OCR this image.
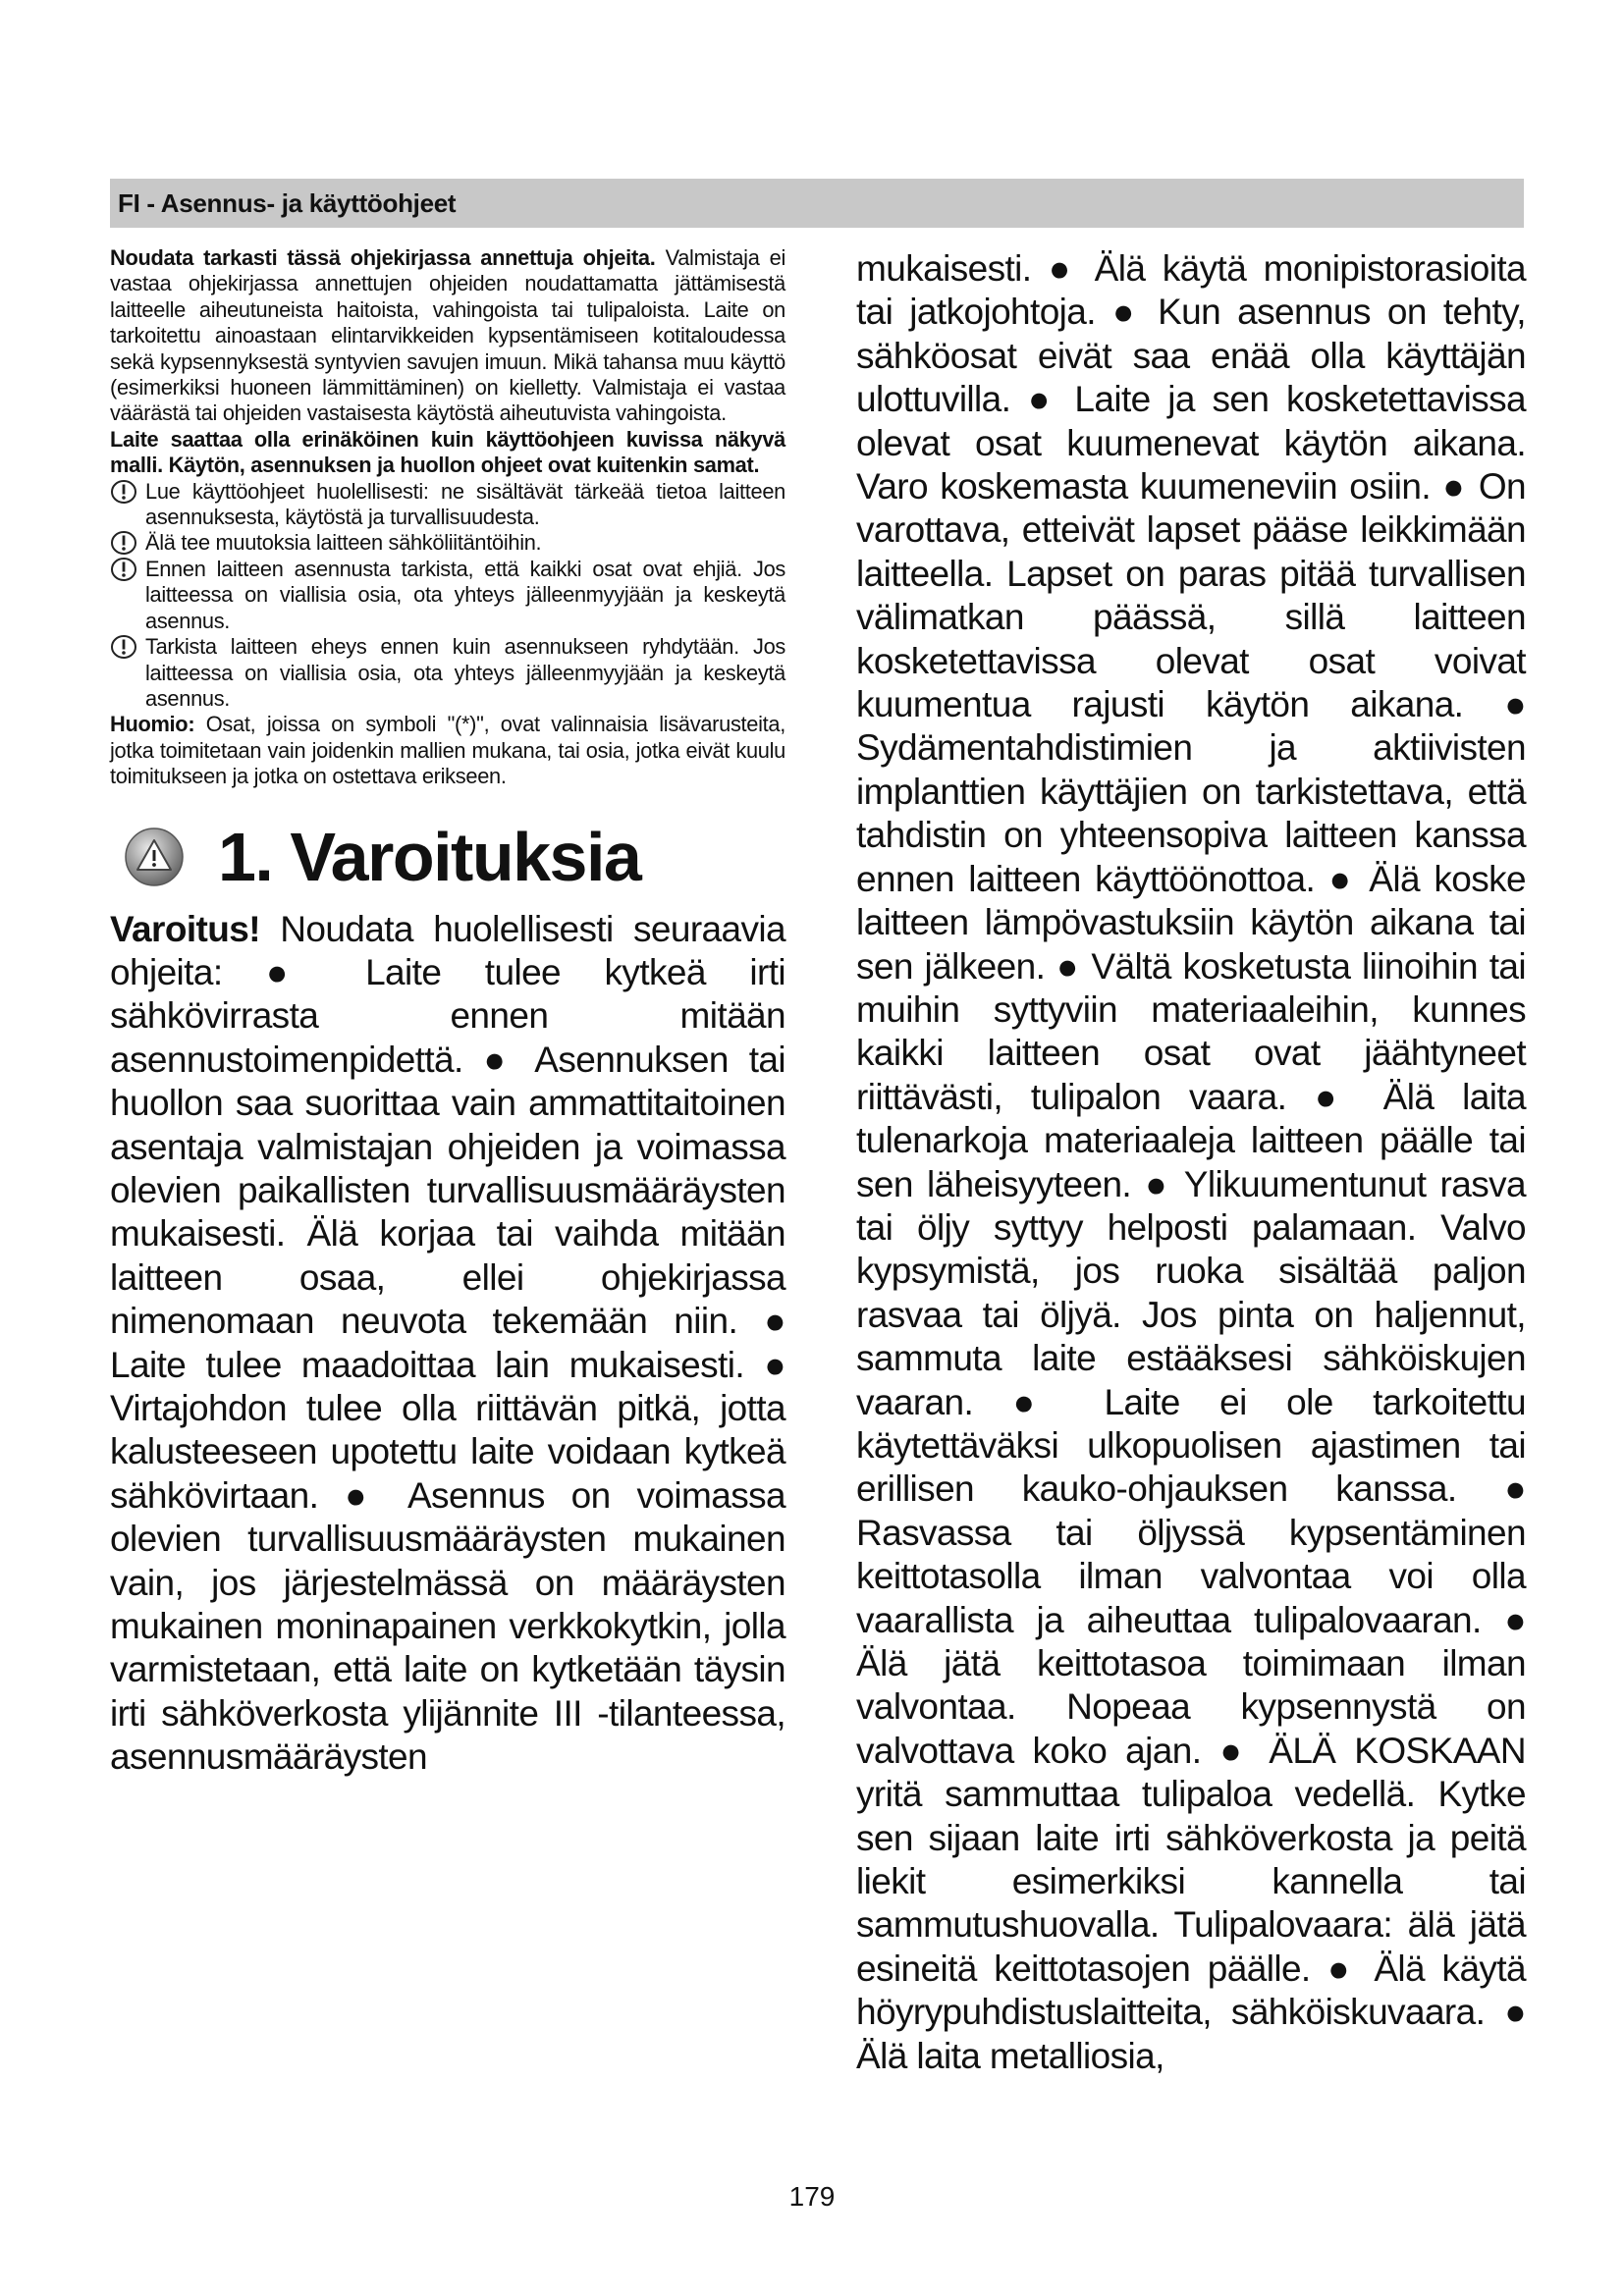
FI - Asennus- ja käyttöohjeet

Noudata tarkasti tässä ohjekirjassa annettuja ohjeita. Valmistaja ei vastaa ohjekirjassa annettujen ohjeiden noudattamatta jättämisestä laitteelle aiheutuneista haitoista, vahingoista tai tulipaloista. Laite on tarkoitettu ainoastaan elintarvikkeiden kypsentämiseen kotitaloudessa sekä kypsennyksestä syntyvien savujen imuun. Mikä tahansa muu käyttö (esimerkiksi huoneen lämmittäminen) on kielletty. Valmistaja ei vastaa väärästä tai ohjeiden vastaisesta käytöstä aiheutuvista vahingoista.

Laite saattaa olla erinäköinen kuin käyttöohjeen kuvissa näkyvä malli. Käytön, asennuksen ja huollon ohjeet ovat kuitenkin samat.

Lue käyttöohjeet huolellisesti: ne sisältävät tärkeää tietoa laitteen asennuksesta, käytöstä ja turvallisuudesta.
Älä tee muutoksia laitteen sähköliitäntöihin.
Ennen laitteen asennusta tarkista, että kaikki osat ovat ehjiä. Jos laitteessa on viallisia osia, ota yhteys jälleenmyyjään ja keskeytä asennus.
Tarkista laitteen eheys ennen kuin asennukseen ryhdytään. Jos laitteessa on viallisia osia, ota yhteys jälleenmyyjään ja keskeytä asennus.

Huomio: Osat, joissa on symboli "(*)", ovat valinnaisia lisävarusteita, jotka toimitetaan vain joidenkin mallien mukana, tai osia, jotka eivät kuulu toimitukseen ja jotka on ostettava erikseen.

1. Varoituksia

Varoitus! Noudata huolellisesti seuraavia ohjeita: ● Laite tulee kytkeä irti sähkövirrasta ennen mitään asennustoimenpidettä. ● Asennuksen tai huollon saa suorittaa vain ammattitaitoinen asentaja valmistajan ohjeiden ja voimassa olevien paikallisten turvallisuusmääräysten mukaisesti. Älä korjaa tai vaihda mitään laitteen osaa, ellei ohjekirjassa nimenomaan neuvota tekemään niin. ● Laite tulee maadoittaa lain mukaisesti. ● Virtajohdon tulee olla riittävän pitkä, jotta kalusteeseen upotettu laite voidaan kytkeä sähkövirtaan. ● Asennus on voimassa olevien turvallisuusmääräysten mukainen vain, jos järjestelmässä on määräysten mukainen moninapainen verkkokytkin, jolla varmistetaan, että laite on kytketään täysin irti sähköverkosta ylijännite III -tilanteessa, asennusmääräysten

mukaisesti. ● Älä käytä monipistorasioita tai jatkojohtoja. ● Kun asennus on tehty, sähköosat eivät saa enää olla käyttäjän ulottuvilla. ● Laite ja sen kosketettavissa olevat osat kuumenevat käytön aikana. Varo koskemasta kuumeneviin osiin. ● On varottava, etteivät lapset pääse leikkimään laitteella. Lapset on paras pitää turvallisen välimatkan päässä, sillä laitteen kosketettavissa olevat osat voivat kuumentua rajusti käytön aikana. ● Sydämentahdistimien ja aktiivisten implanttien käyttäjien on tarkistettava, että tahdistin on yhteensopiva laitteen kanssa ennen laitteen käyttöönottoa. ● Älä koske laitteen lämpövastuksiin käytön aikana tai sen jälkeen. ● Vältä kosketusta liinoihin tai muihin syttyviin materiaaleihin, kunnes kaikki laitteen osat ovat jäähtyneet riittävästi, tulipalon vaara. ● Älä laita tulenarkoja materiaaleja laitteen päälle tai sen läheisyyteen. ● Ylikuumentunut rasva tai öljy syttyy helposti palamaan. Valvo kypsymistä, jos ruoka sisältää paljon rasvaa tai öljyä. Jos pinta on haljennut, sammuta laite estääksesi sähköiskujen vaaran. ● Laite ei ole tarkoitettu käytettäväksi ulkopuolisen ajastimen tai erillisen kauko-ohjauksen kanssa. ● Rasvassa tai öljyssä kypsentäminen keittotasolla ilman valvontaa voi olla vaarallista ja aiheuttaa tulipalovaaran. ● Älä jätä keittotasoa toimimaan ilman valvontaa. Nopeaa kypsennystä on valvottava koko ajan. ● ÄLÄ KOSKAAN yritä sammuttaa tulipaloa vedellä. Kytke sen sijaan laite irti sähköverkosta ja peitä liekit esimerkiksi kannella tai sammutushuovalla. Tulipalovaara: älä jätä esineitä keittotasojen päälle. ● Älä käytä höyrypuhdistuslaitteita, sähköiskuvaara. ● Älä laita metalliosia,

179
